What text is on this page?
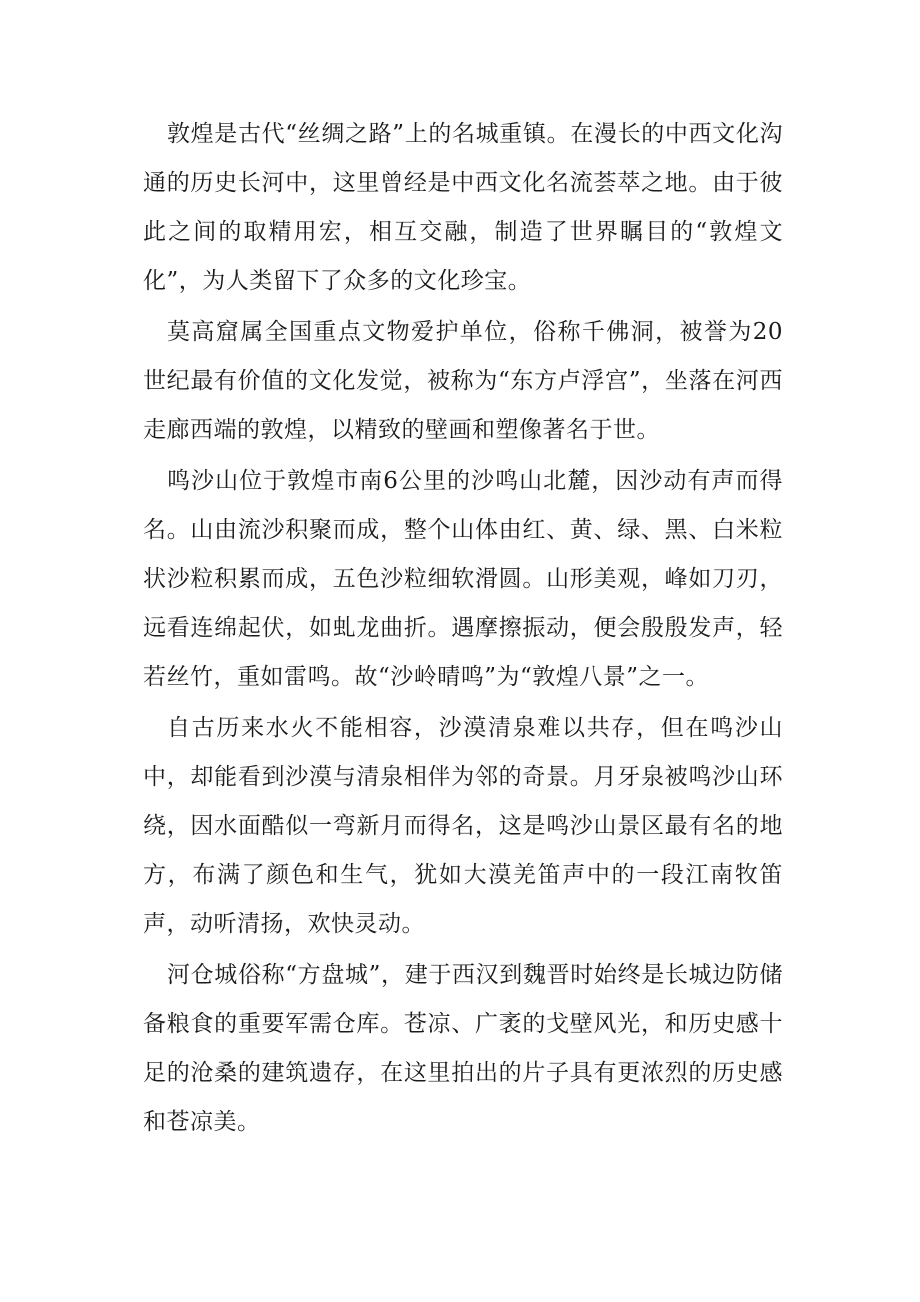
敦煌是古代“丝绸之路”上的名城重镇。在漫长的中西文化沟通的历史长河中，这里曾经是中西文化名流荟萃之地。由于彼此之间的取精用宏，相互交融，制造了世界瞩目的“敦煌文化”，为人类留下了众多的文化珍宝。

莫高窟属全国重点文物爱护单位，俗称千佛洞，被誉为20世纪最有价值的文化发觉，被称为“东方卢浮宫”，坐落在河西走廊西端的敦煌，以精致的壁画和塑像著名于世。

鸣沙山位于敦煌市南6公里的沙鸣山北麓，因沙动有声而得名。山由流沙积聚而成，整个山体由红、黄、绿、黑、白米粒状沙粒积累而成，五色沙粒细软滑圆。山形美观，峰如刀刃，远看连绵起伏，如虬龙曲折。遇摩擦振动，便会殷殷发声，轻若丝竹，重如雷鸣。故“沙岭晴鸣”为“敦煌八景”之一。

自古历来水火不能相容，沙漠清泉难以共存，但在鸣沙山中，却能看到沙漠与清泉相伴为邻的奇景。月牙泉被鸣沙山环绕，因水面酷似一弯新月而得名，这是鸣沙山景区最有名的地方，布满了颜色和生气，犹如大漠羌笛声中的一段江南牧笛声，动听清扬，欢快灵动。

河仓城俗称“方盘城”，建于西汉到魏晋时始终是长城边防储备粮食的重要军需仓库。苍凉、广袤的戈壁风光，和历史感十足的沧桑的建筑遗存，在这里拍出的片子具有更浓烈的历史感和苍凉美。
